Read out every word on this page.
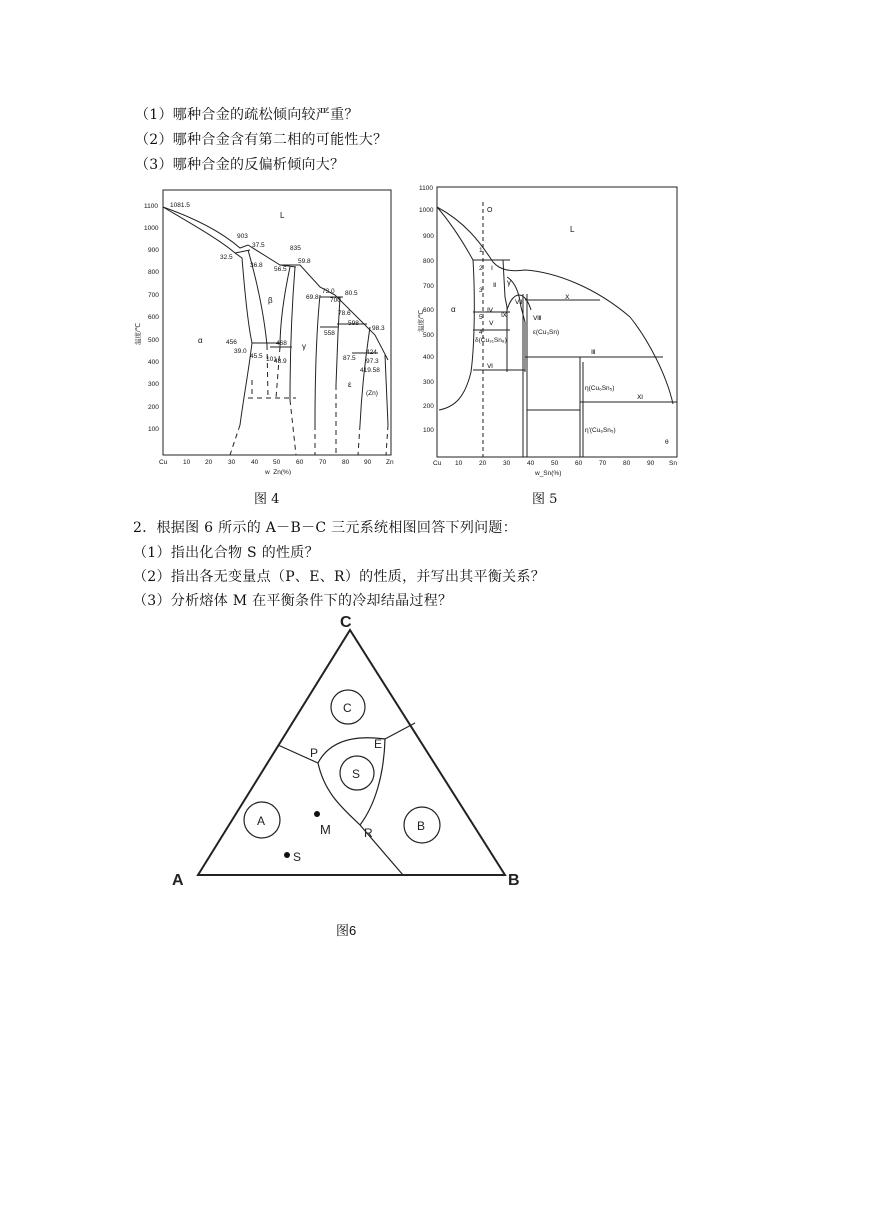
（1）哪种合金的疏松倾向较严重？
（2）哪种合金含有第二相的可能性大？
（3）哪种合金的反偏析倾向大？
温度/℃
1100
1000
900
800
700
600
500
400
300
200
100
Cu 10 20 30 40 50 60 70 80 90 Zn
w_Zn(%)
L
α
β
γ
ε
(Zn)
1081.5
903
37.5
32.5
835
36.8
56.5
59.8
73.0 80.5
700
69.8
78.6
598
558
98.3
424
97.3
419.58
87.5
456
39.0
45.5
468
48.9
101
图 4
温度/℃
1100
1000
900
800
700
600
500
400
300
200
100
Cu 10	20	30	40	50	60	70	80	90 Sn
w_Sn(%)
L
O
α
γ
δ(Cu₃₁Sn₈)
ε(Cu₃Sn)
η(Cu₆Sn₅)
η'(Cu₆Sn₅)
θ
1
2
3
4
5
Ⅰ
Ⅱ
Ⅲ
Ⅳ
Ⅴ
Ⅵ
Ⅶ
Ⅷ
Ⅸ
Ⅹ
Ⅺ
图 5
2．根据图 6 所示的 A－B－C 三元系统相图回答下列问题：
（1）指出化合物 S 的性质？
（2）指出各无变量点（P、E、R）的性质，并写出其平衡关系？
（3）分析熔体 M 在平衡条件下的冷却结晶过程？
C
A	B
C
S
A	B
P
E
R
M
S
图6
